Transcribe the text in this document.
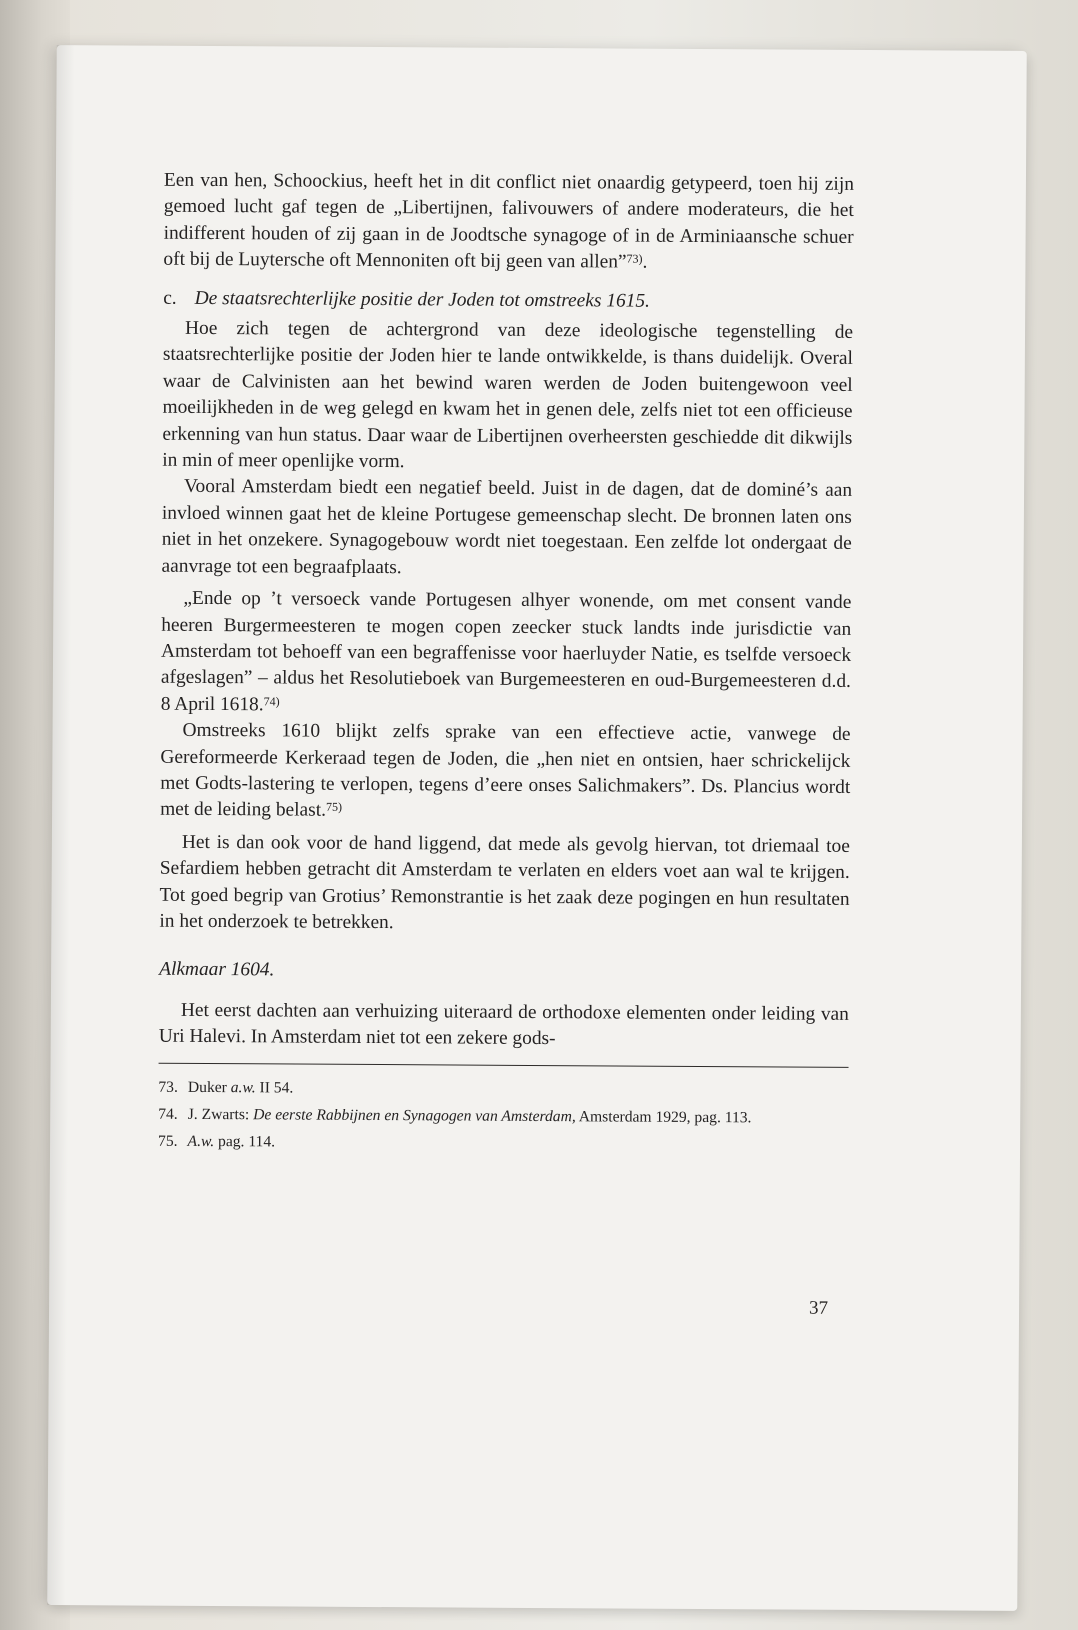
Een van hen, Schoockius, heeft het in dit conflict niet onaardig getypeerd, toen hij zijn gemoed lucht gaf tegen de „Libertijnen, falivouwers of andere moderateurs, die het indifferent houden of zij gaan in de Joodtsche synagoge of in de Arminiaansche schuer oft bij de Luytersche oft Mennoniten oft bij geen van allen”$^{73)}$.

c. De staatsrechterlijke positie der Joden tot omstreeks 1615.

Hoe zich tegen de achtergrond van deze ideologische tegenstelling de staatsrechterlijke positie der Joden hier te lande ontwikkelde, is thans duidelijk. Overal waar de Calvinisten aan het bewind waren werden de Joden buitengewoon veel moeilijkheden in de weg gelegd en kwam het in genen dele, zelfs niet tot een officieuse erkenning van hun status. Daar waar de Libertijnen overheersten geschiedde dit dikwijls in min of meer openlijke vorm.

Vooral Amsterdam biedt een negatief beeld. Juist in de dagen, dat de dominé’s aan invloed winnen gaat het de kleine Portugese gemeenschap slecht. De bronnen laten ons niet in het onzekere. Synagogebouw wordt niet toegestaan. Een zelfde lot ondergaat de aanvrage tot een begraafplaats.

„Ende op ’t versoeck vande Portugesen alhyer wonende, om met consent vande heeren Burgermeesteren te mogen copen zeecker stuck landts inde jurisdictie van Amsterdam tot behoeff van een begraffenisse voor haerluyder Natie, es tselfde versoeck afgeslagen” – aldus het Resolutieboek van Burgemeesteren en oud-Burgemeesteren d.d. 8 April 1618.$^{74)}$

Omstreeks 1610 blijkt zelfs sprake van een effectieve actie, vanwege de Gereformeerde Kerkeraad tegen de Joden, die „hen niet en ontsien, haer schrickelijck met Godts-lastering te verlopen, tegens d’eere onses Salichmakers”. Ds. Plancius wordt met de leiding belast.$^{75)}$

Het is dan ook voor de hand liggend, dat mede als gevolg hiervan, tot driemaal toe Sefardiem hebben getracht dit Amsterdam te verlaten en elders voet aan wal te krijgen. Tot goed begrip van Grotius’ Remonstrantie is het zaak deze pogingen en hun resultaten in het onderzoek te betrekken.

Alkmaar 1604.

Het eerst dachten aan verhuizing uiteraard de orthodoxe elementen onder leiding van Uri Halevi. In Amsterdam niet tot een zekere gods-

73. Duker a.w. II 54.

74. J. Zwarts: De eerste Rabbijnen en Synagogen van Amsterdam, Amsterdam 1929, pag. 113.

75. A.w. pag. 114.

37
